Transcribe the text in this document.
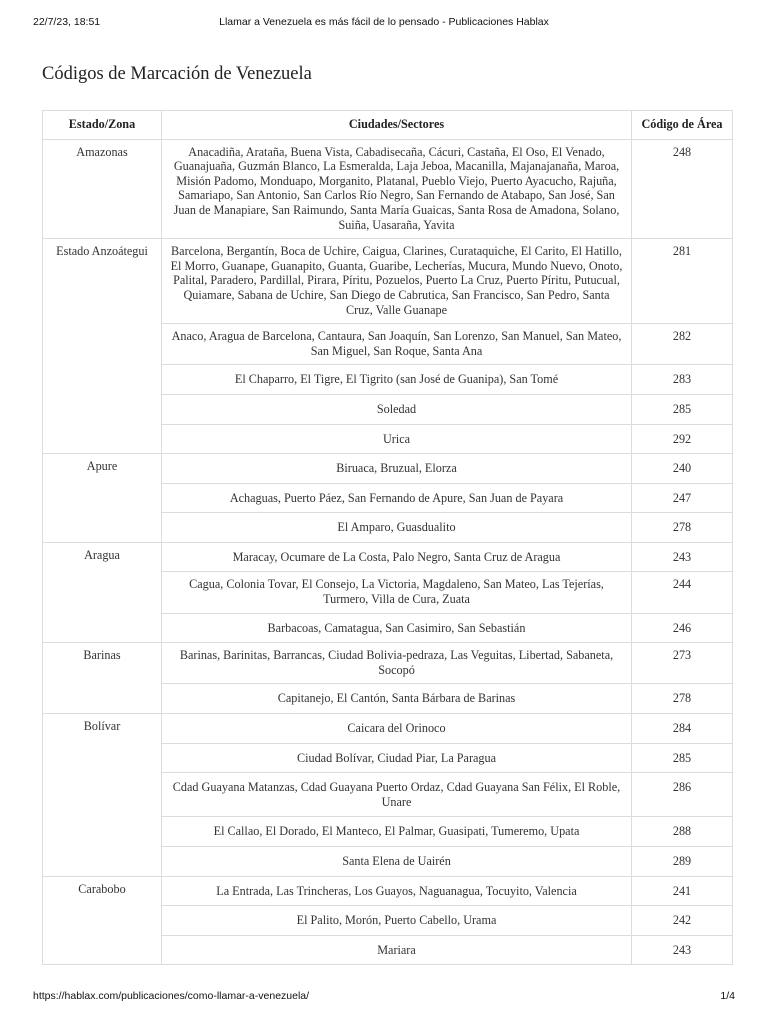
22/7/23, 18:51	Llamar a Venezuela es más fácil de lo pensado - Publicaciones Hablax
Códigos de Marcación de Venezuela
Estado/Zona	Ciudades/Sectores	Código de Área
Amazonas	Anacadiña, Arataña, Buena Vista, Cabadisecaña, Cácuri, Castaña, El Oso, El Venado, Guanajuaña, Guzmán Blanco, La Esmeralda, Laja Jeboa, Macanilla, Majanajanaña, Maroa, Misión Padomo, Monduapo, Morganito, Platanal, Pueblo Viejo, Puerto Ayacucho, Rajuña, Samariapo, San Antonio, San Carlos Río Negro, San Fernando de Atabapo, San José, San Juan de Manapiare, San Raimundo, Santa María Guaicas, Santa Rosa de Amadona, Solano, Suiña, Uasaraña, Yavita	248
Estado Anzoátegui	Barcelona, Bergantín, Boca de Uchire, Caigua, Clarines, Curataquiche, El Carito, El Hatillo, El Morro, Guanape, Guanapito, Guanta, Guaribe, Lecherías, Mucura, Mundo Nuevo, Onoto, Palital, Paradero, Pardillal, Pirara, Píritu, Pozuelos, Puerto La Cruz, Puerto Píritu, Putucual, Quiamare, Sabana de Uchire, San Diego de Cabrutica, San Francisco, San Pedro, Santa Cruz, Valle Guanape	281
	Anaco, Aragua de Barcelona, Cantaura, San Joaquín, San Lorenzo, San Manuel, San Mateo, San Miguel, San Roque, Santa Ana	282
	El Chaparro, El Tigre, El Tigrito (san José de Guanipa), San Tomé	283
	Soledad	285
	Urica	292
Apure	Biruaca, Bruzual, Elorza	240
	Achaguas, Puerto Páez, San Fernando de Apure, San Juan de Payara	247
	El Amparo, Guasdualito	278
Aragua	Maracay, Ocumare de La Costa, Palo Negro, Santa Cruz de Aragua	243
	Cagua, Colonia Tovar, El Consejo, La Victoria, Magdaleno, San Mateo, Las Tejerías, Turmero, Villa de Cura, Zuata	244
	Barbacoas, Camatagua, San Casimiro, San Sebastián	246
Barinas	Barinas, Barinitas, Barrancas, Ciudad Bolivia-pedraza, Las Veguitas, Libertad, Sabaneta, Socopó	273
	Capitanejo, El Cantón, Santa Bárbara de Barinas	278
Bolívar	Caicara del Orinoco	284
	Ciudad Bolívar, Ciudad Piar, La Paragua	285
	Cdad Guayana Matanzas, Cdad Guayana Puerto Ordaz, Cdad Guayana San Félix, El Roble, Unare	286
	El Callao, El Dorado, El Manteco, El Palmar, Guasipati, Tumeremo, Upata	288
	Santa Elena de Uairén	289
Carabobo	La Entrada, Las Trincheras, Los Guayos, Naguanagua, Tocuyito, Valencia	241
	El Palito, Morón, Puerto Cabello, Urama	242
	Mariara	243
https://hablax.com/publicaciones/como-llamar-a-venezuela/	1/4
